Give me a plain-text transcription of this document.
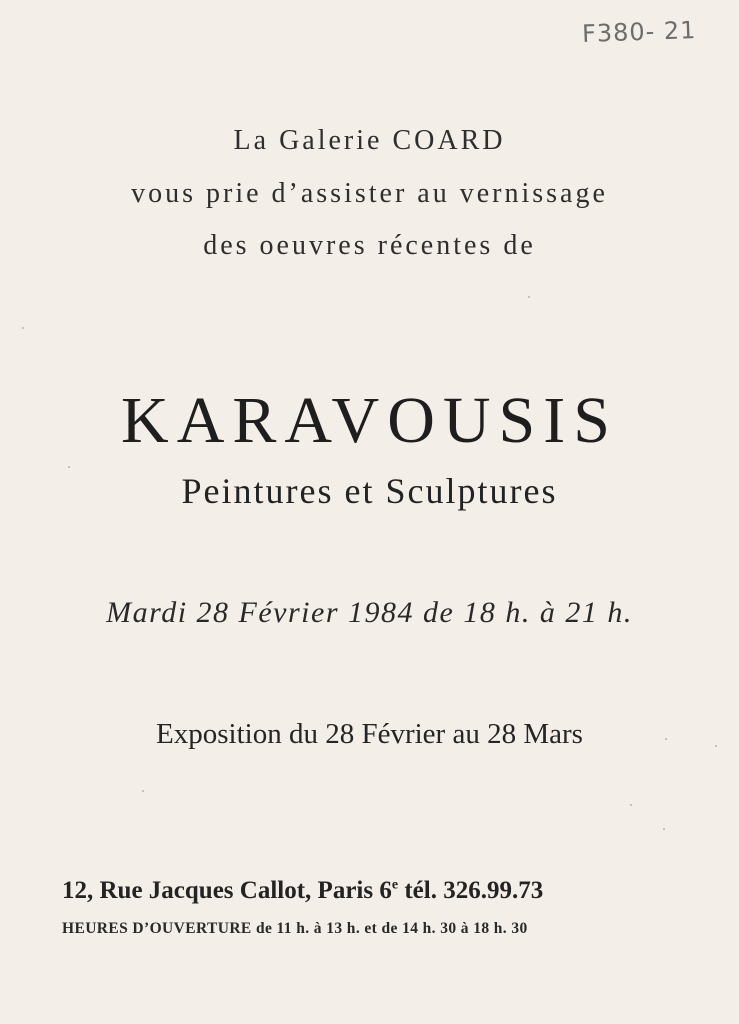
F380- 21
La Galerie COARD
vous prie d’assister au vernissage
des oeuvres récentes de
KARAVOUSIS
Peintures et Sculptures
Mardi 28 Février 1984 de 18 h. à 21 h.
Exposition du 28 Février au 28 Mars
12, Rue Jacques Callot, Paris 6e tél. 326.99.73
HEURES D’OUVERTURE de 11 h. à 13 h. et de 14 h. 30 à 18 h. 30
